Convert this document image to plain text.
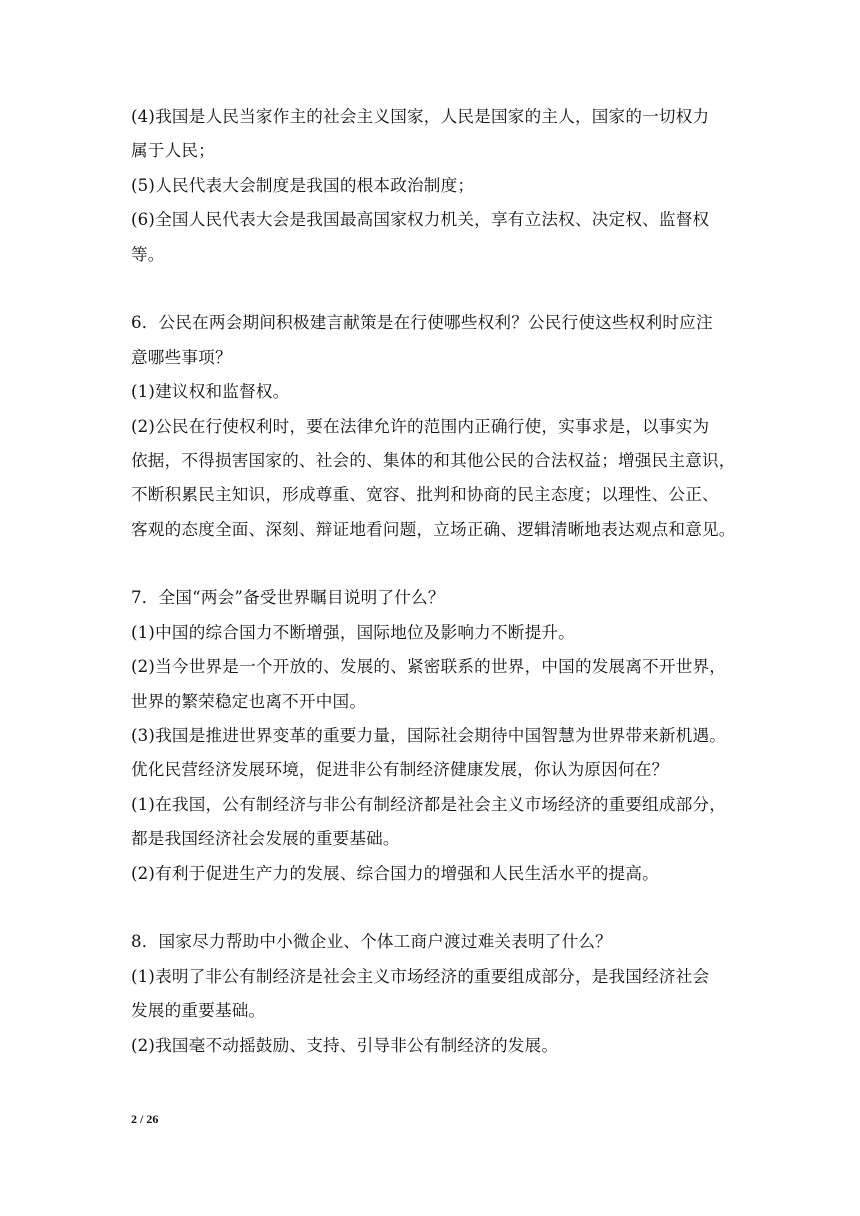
(4)我国是人民当家作主的社会主义国家，人民是国家的主人，国家的一切权力
属于人民；
(5)人民代表大会制度是我国的根本政治制度；
(6)全国人民代表大会是我国最高国家权力机关，享有立法权、决定权、监督权
等。
6．公民在两会期间积极建言献策是在行使哪些权利？公民行使这些权利时应注
意哪些事项？
(1)建议权和监督权。
(2)公民在行使权利时，要在法律允许的范围内正确行使，实事求是，以事实为
依据，不得损害国家的、社会的、集体的和其他公民的合法权益；增强民主意识，
不断积累民主知识，形成尊重、宽容、批判和协商的民主态度；以理性、公正、
客观的态度全面、深刻、辩证地看问题，立场正确、逻辑清晰地表达观点和意见。
7．全国“两会”备受世界瞩目说明了什么？
(1)中国的综合国力不断增强，国际地位及影响力不断提升。
(2)当今世界是一个开放的、发展的、紧密联系的世界，中国的发展离不开世界，
世界的繁荣稳定也离不开中国。
(3)我国是推进世界变革的重要力量，国际社会期待中国智慧为世界带来新机遇。
优化民营经济发展环境，促进非公有制经济健康发展，你认为原因何在？
(1)在我国，公有制经济与非公有制经济都是社会主义市场经济的重要组成部分，
都是我国经济社会发展的重要基础。
(2)有利于促进生产力的发展、综合国力的增强和人民生活水平的提高。
8．国家尽力帮助中小微企业、个体工商户渡过难关表明了什么？
(1)表明了非公有制经济是社会主义市场经济的重要组成部分，是我国经济社会
发展的重要基础。
(2)我国毫不动摇鼓励、支持、引导非公有制经济的发展。
2 / 26
